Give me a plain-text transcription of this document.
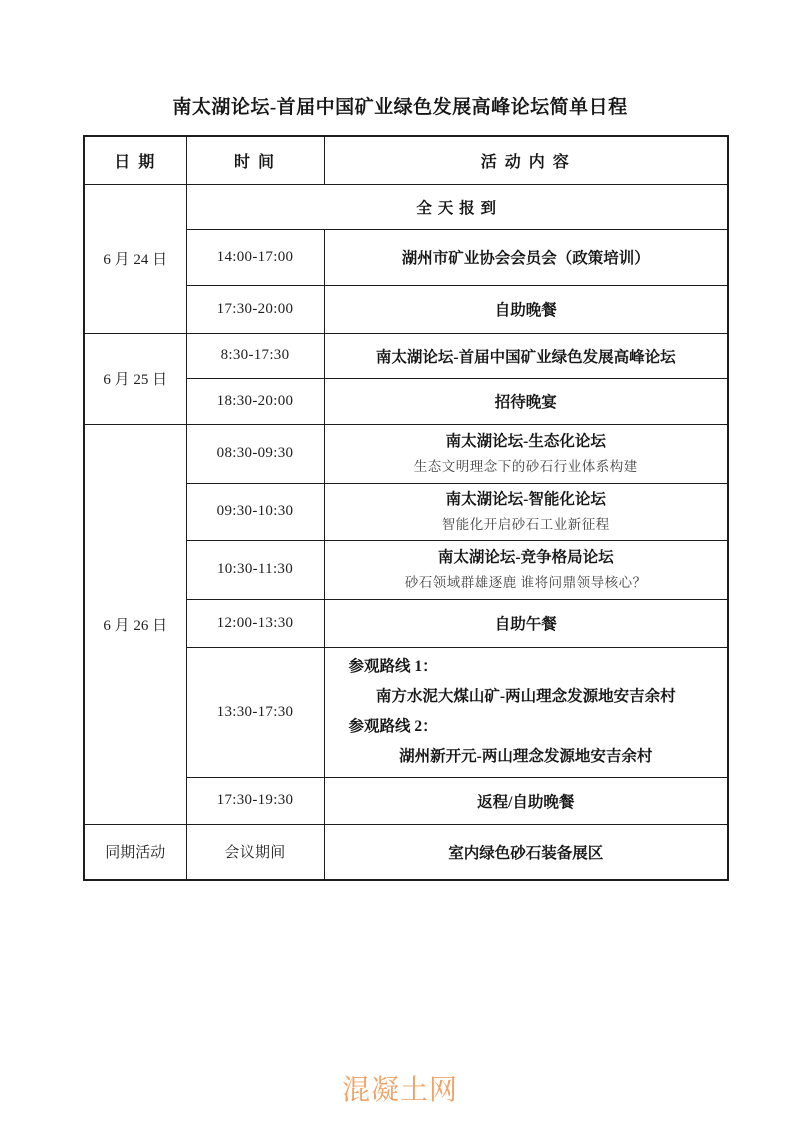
南太湖论坛-首届中国矿业绿色发展高峰论坛简单日程
日 期	时 间	活 动 内 容
6 月 24 日	全 天 报 到	
	14:00-17:00	湖州市矿业协会会员会（政策培训）
	17:30-20:00	自助晚餐
6 月 25 日	8:30-17:30	南太湖论坛-首届中国矿业绿色发展高峰论坛
	18:30-20:00	招待晚宴
6 月 26 日	08:30-09:30	南太湖论坛-生态化论坛
生态文明理念下的砂石行业体系构建

	09:30-10:30	南太湖论坛-智能化论坛
智能化开启砂石工业新征程

	10:30-11:30	南太湖论坛-竞争格局论坛
砂石领域群雄逐鹿 谁将问鼎领导核心？

	12:00-13:30	自助午餐
	13:30-17:30	参观路线 1：
南方水泥大煤山矿-两山理念发源地安吉余村
参观路线 2：
湖州新开元-两山理念发源地安吉余村

	17:30-19:30	返程/自助晚餐
同期活动	会议期间	室内绿色砂石装备展区
混凝土网
